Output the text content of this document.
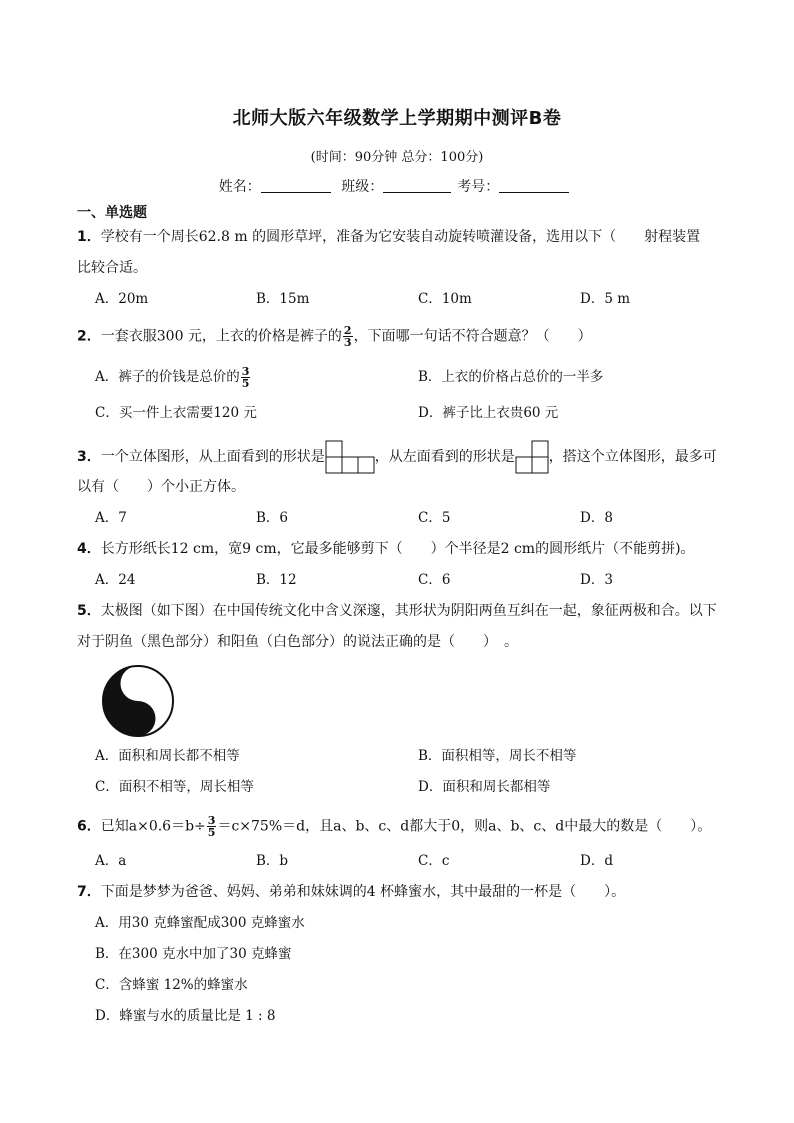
北师大版六年级数学上学期期中测评B卷
(时间：90分钟 总分：100分)
姓名：	班级：	考号：
一、单选题
1．学校有一个周长62.8 m 的圆形草坪，准备为它安装自动旋转喷灌设备，选用以下（ 射程装置
比较合适。
A．20m	B．15m	C．10m	D．5 m
2．一套衣服300 元，上衣的价格是裤子的 $\frac{2}{3}$ ，下面哪一句话不符合题意？（ ）
A．裤子的价钱是总价的 $\frac{3}{5}$	B．上衣的价格占总价的一半多
C．买一件上衣需要120 元	D．裤子比上衣贵60 元
3．一个立体图形，从上面看到的形状是	，从左面看到的形状是 ，搭这个立体图形，最多可
以有（　　）个小正方体。
A．7	B．6	C．5	D．8
4．长方形纸长12 cm，宽9 cm，它最多能够剪下（　　）个半径是2 cm的圆形纸片（不能剪拼)。
A．24	B．12	C．6	D．3
5．太极图（如下图）在中国传统文化中含义深邃，其形状为阴阳两鱼互纠在一起，象征两极和合。以下
对于阴鱼（黑色部分）和阳鱼（白色部分）的说法正确的是（　　）　。
A．面积和周长都不相等	B．面积相等，周长不相等
C．面积不相等，周长相等	D．面积和周长都相等
6．已知$a\times 0.6=b\div \frac{3}{5} =c\times 75\%=d$，且a、b、c、d都大于0，则a、b、c、d中最大的数是（　　）。
A．a	B．b	C．c	D．d
7．下面是梦梦为爸爸、妈妈、弟弟和妹妹调的4 杯蜂蜜水，其中最甜的一杯是（　　）。
A．用30 克蜂蜜配成300 克蜂蜜水
B．在300 克水中加了30 克蜂蜜
C．含蜂蜜 12%的蜂蜜水
D．蜂蜜与水的质量比是 1 : 8
